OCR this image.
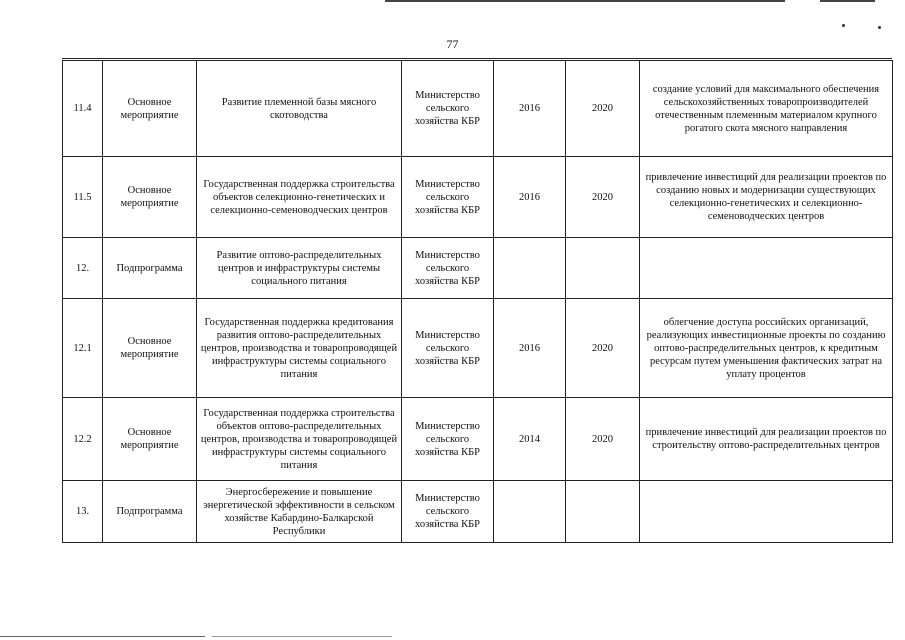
77
11.4	Основное мероприятие	Развитие племенной базы мясного скотоводства	Министерство сельского хозяйства КБР	2016	2020	создание условий для максимального обеспечения сельскохозяйственных товаропроизводителей отечественным племенным материалом крупного рогатого скота мясного направления
11.5	Основное мероприятие	Государственная поддержка строительства объектов селекционно-генетических и селекционно-семеноводческих центров	Министерство сельского хозяйства КБР	2016	2020	привлечение инвестиций для реализации проектов по созданию новых и модернизации существующих селекционно-генетических и селекционно-семеноводческих центров
12.	Подпрограмма	Развитие оптово-распределительных центров и инфраструктуры системы социального питания	Министерство сельского хозяйства КБР			
12.1	Основное мероприятие	Государственная поддержка кредитования развития оптово-распределительных центров, производства и товаропроводящей инфраструктуры системы социального питания	Министерство сельского хозяйства КБР	2016	2020	облегчение доступа российских организаций, реализующих инвестиционные проекты по созданию оптово-распределительных центров, к кредитным ресурсам путем уменьшения фактических затрат на уплату процентов
12.2	Основное мероприятие	Государственная поддержка строительства объектов оптово-распределительных центров, производства и товаропроводящей инфраструктуры системы социального питания	Министерство сельского хозяйства КБР	2014	2020	привлечение инвестиций для реализации проектов по строительству оптово-распределительных центров
13.	Подпрограмма	Энергосбережение и повышение энергетической эффективности в сельском хозяйстве Кабардино-Балкарской Республики	Министерство сельского хозяйства КБР			
